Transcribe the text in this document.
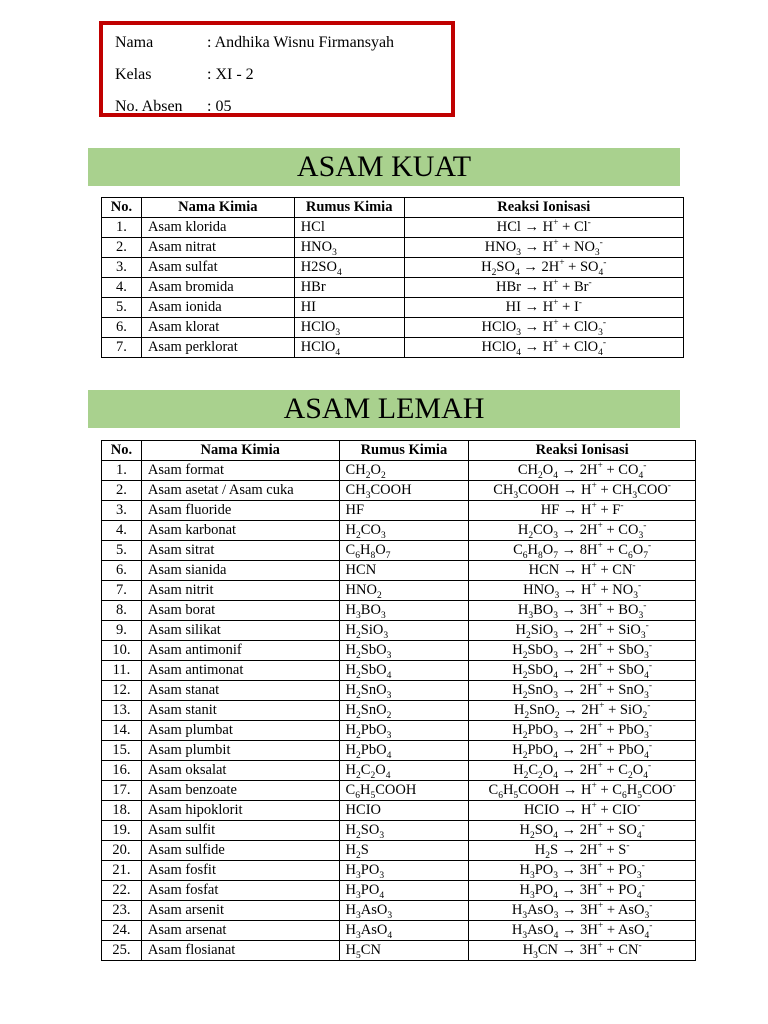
Nama	: Andhika Wisnu Firmansyah
Kelas	: XI - 2
No. Absen : 05
ASAM KUAT
No.	Nama Kimia	Rumus Kimia	Reaksi Ionisasi
1.	Asam klorida	HCl	HCl → H+ + Cl-
2.	Asam nitrat	$HNO_3$	$HNO_3 \to H^+ + NO_3^-$
3.	Asam sulfat	$H2SO_4$	$H_2SO_4 \to 2H^+ + SO_4^-$
4.	Asam bromida	HBr	HBr → H+ + Br-
5.	Asam ionida	HI	HI → H+ + I-
6.	Asam klorat	HClO$_3$	HClO$_3$ → H+ + ClO$_3$-
7.	Asam perklorat	HClO$_4$	HClO$_4$ → H+ + ClO$_4$-
ASAM LEMAH
No.	Nama Kimia	Rumus Kimia	Reaksi Ionisasi
1.	Asam format	$CH_2O_2$	$CH_2O_4 \to 2H^+ + CO_4^-$
2.	Asam asetat / Asam cuka	$CH_3COOH$	$CH_3COOH \to H^+ + CH_3COO^-$
3.	Asam fluoride	HF	HF → H+ + F-
4.	Asam karbonat	$H_2CO_3$	$H_2CO_3 \to 2H^+ + CO_3^-$
5.	Asam sitrat	$C_6H_8O_7$	$C_6H_8O_7 \to 8H^+ + C_6O_7^-$
6.	Asam sianida	HCN	HCN → H+ + CN-
7.	Asam nitrit	$HNO_2$	$HNO_3 \to H^+ + NO_3^-$
8.	Asam borat	$H_3BO_3$	$H_3BO_3 \to 3H^+ + BO_3^-$
9.	Asam silikat	$H_2SiO_3$	$H_2SiO_3 \to 2H^+ + SiO_3^-$
10.	Asam antimonif	$H_2SbO_3$	$H_2SbO_3 \to 2H^+ + SbO_3^-$
11.	Asam antimonat	$H_2SbO_4$	$H_2SbO_4 \to 2H^+ + SbO_4^-$
12.	Asam stanat	$H_2SnO_3$	$H_2SnO_3 \to 2H^+ + SnO_3^-$
13.	Asam stanit	$H_2SnO_2$	$H_2SnO_2 \to 2H^+ + SiO_2^-$
14.	Asam plumbat	$H_2PbO_3$	$H_2PbO_3 \to 2H^+ + PbO_3^-$
15.	Asam plumbit	$H_2PbO_4$	$H_2PbO_4 \to 2H^+ + PbO_4^-$
16.	Asam oksalat	$H_2C_2O_4$	$H_2C_2O_4 \to 2H^+ + C_2O_4^-$
17.	Asam benzoate	$C_6H_5COOH$	$C_6H_5COOH \to H^+ + C_6H_5COO^-$
18.	Asam hipoklorit	HCIO	HCIO → H+ + CIO-
19.	Asam sulfit	$H_2SO_3$	$H_2SO_4 \to 2H^+ + SO_4^-$
20.	Asam sulfide	$H_2S$	$H_2S \to 2H^+ + S^-$
21.	Asam fosfit	$H_3PO_3$	$H_3PO_3 \to 3H^+ + PO_3^-$
22.	Asam fosfat	$H_3PO_4$	$H_3PO_4 \to 3H^+ + PO_4^-$
23.	Asam arsenit	$H_3AsO_3$	$H_3AsO_3 \to 3H^+ + AsO_3^-$
24.	Asam arsenat	$H_3AsO_4$	$H_3AsO_4 \to 3H^+ + AsO_4^-$
25.	Asam flosianat	$H_5CN$	$H_3CN \to 3H^+ + CN^-$
